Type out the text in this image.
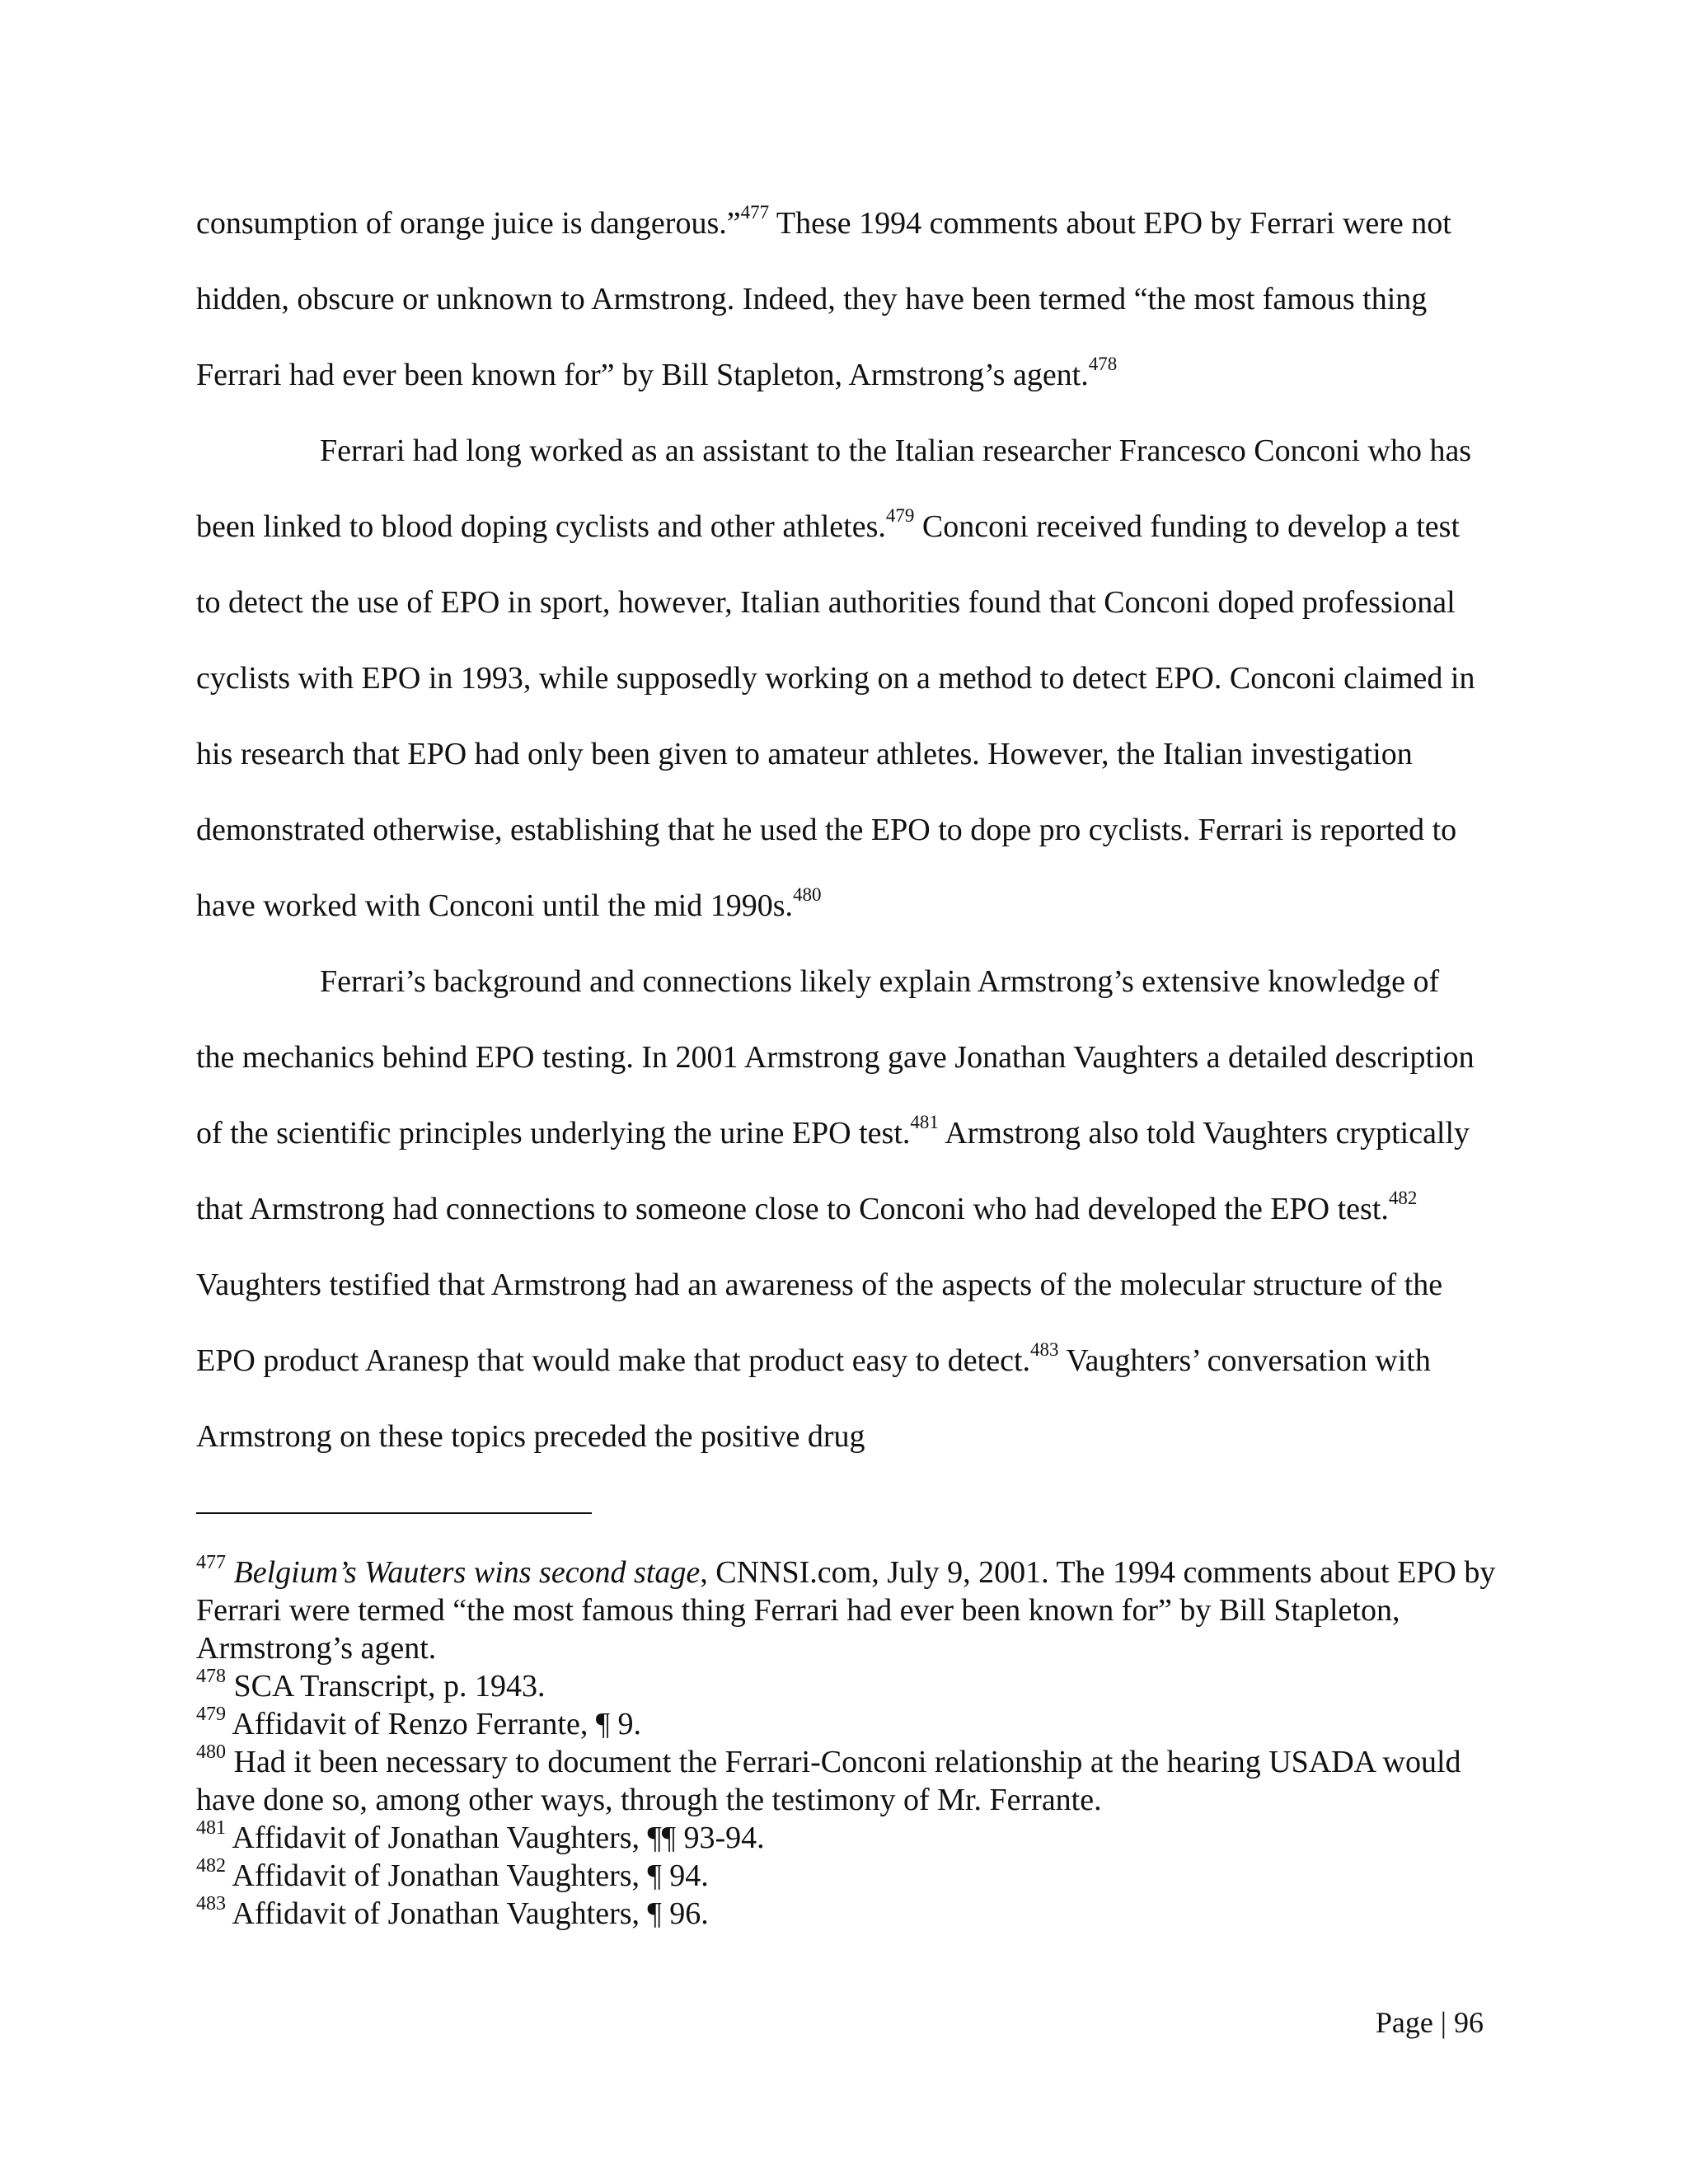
consumption of orange juice is dangerous.”$^{477}$ These 1994 comments about EPO by Ferrari were not hidden, obscure or unknown to Armstrong. Indeed, they have been termed “the most famous thing Ferrari had ever been known for” by Bill Stapleton, Armstrong’s agent.$^{478}$

Ferrari had long worked as an assistant to the Italian researcher Francesco Conconi who has been linked to blood doping cyclists and other athletes.$^{479}$ Conconi received funding to develop a test to detect the use of EPO in sport, however, Italian authorities found that Conconi doped professional cyclists with EPO in 1993, while supposedly working on a method to detect EPO. Conconi claimed in his research that EPO had only been given to amateur athletes. However, the Italian investigation demonstrated otherwise, establishing that he used the EPO to dope pro cyclists. Ferrari is reported to have worked with Conconi until the mid 1990s.$^{480}$

Ferrari’s background and connections likely explain Armstrong’s extensive knowledge of the mechanics behind EPO testing. In 2001 Armstrong gave Jonathan Vaughters a detailed description of the scientific principles underlying the urine EPO test.$^{481}$ Armstrong also told Vaughters cryptically that Armstrong had connections to someone close to Conconi who had developed the EPO test.$^{482}$ Vaughters testified that Armstrong had an awareness of the aspects of the molecular structure of the EPO product Aranesp that would make that product easy to detect.$^{483}$ Vaughters’ conversation with Armstrong on these topics preceded the positive drug

$^{477}$ Belgium’s Wauters wins second stage, CNNSI.com, July 9, 2001. The 1994 comments about EPO by Ferrari were termed “the most famous thing Ferrari had ever been known for” by Bill Stapleton, Armstrong’s agent.

$^{478}$ SCA Transcript, p. 1943.

$^{479}$ Affidavit of Renzo Ferrante, ¶ 9.

$^{480}$ Had it been necessary to document the Ferrari-Conconi relationship at the hearing USADA would have done so, among other ways, through the testimony of Mr. Ferrante.

$^{481}$ Affidavit of Jonathan Vaughters, ¶¶ 93-94.

$^{482}$ Affidavit of Jonathan Vaughters, ¶ 94.

$^{483}$ Affidavit of Jonathan Vaughters, ¶ 96.

Page | 96
